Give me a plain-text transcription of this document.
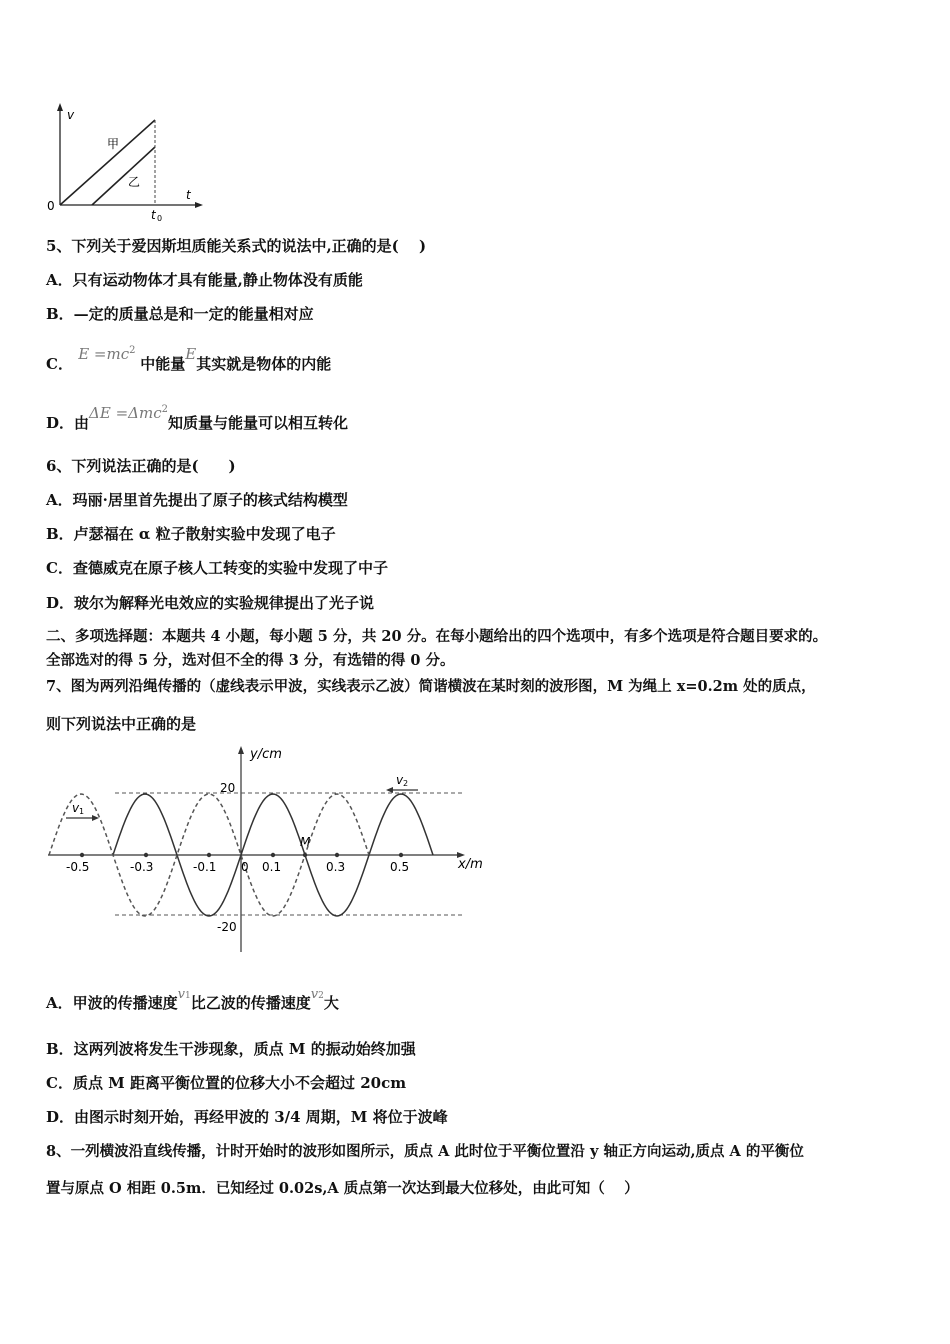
v
t
0
t 0
甲
乙
5、下列关于爱因斯坦质能关系式的说法中,正确的是(　 )
A．只有运动物体才具有能量,静止物体没有质能
B．—定的质量总是和一定的能量相对应
C． $E =mc^2$ 中能量E其实就是物体的内能
D．由ΔE =Δmc$^2$知质量与能量可以相互转化
6、下列说法正确的是(　　)
A．玛丽·居里首先提出了原子的核式结构模型
B．卢瑟福在 α 粒子散射实验中发现了电子
C．查德威克在原子核人工转变的实验中发现了中子
D．玻尔为解释光电效应的实验规律提出了光子说
二、多项选择题：本题共 4 小题，每小题 5 分，共 20 分。在每小题给出的四个选项中，有多个选项是符合题目要求的。
全部选对的得 5 分，选对但不全的得 3 分，有选错的得 0 分。
7、图为两列沿绳传播的（虚线表示甲波，实线表示乙波）简谐横波在某时刻的波形图，M 为绳上 x=0.2m 处的质点，
则下列说法中正确的是
-0.5	-0.3	-0.1	0.1	0.3	0.5
0
20
-20
y/cm
x/m
M
v 1
v 2
A．甲波的传播速度v1比乙波的传播速度v2大
B．这两列波将发生干涉现象，质点 M 的振动始终加强
C．质点 M 距离平衡位置的位移大小不会超过 20cm
D．由图示时刻开始，再经甲波的 3/4 周期，M 将位于波峰
8、一列横波沿直线传播，计时开始时的波形如图所示，质点 A 此时位于平衡位置沿 y 轴正方向运动,质点 A 的平衡位
置与原点 O 相距 0.5m．已知经过 0.02s,A 质点第一次达到最大位移处，由此可知（　 ）
